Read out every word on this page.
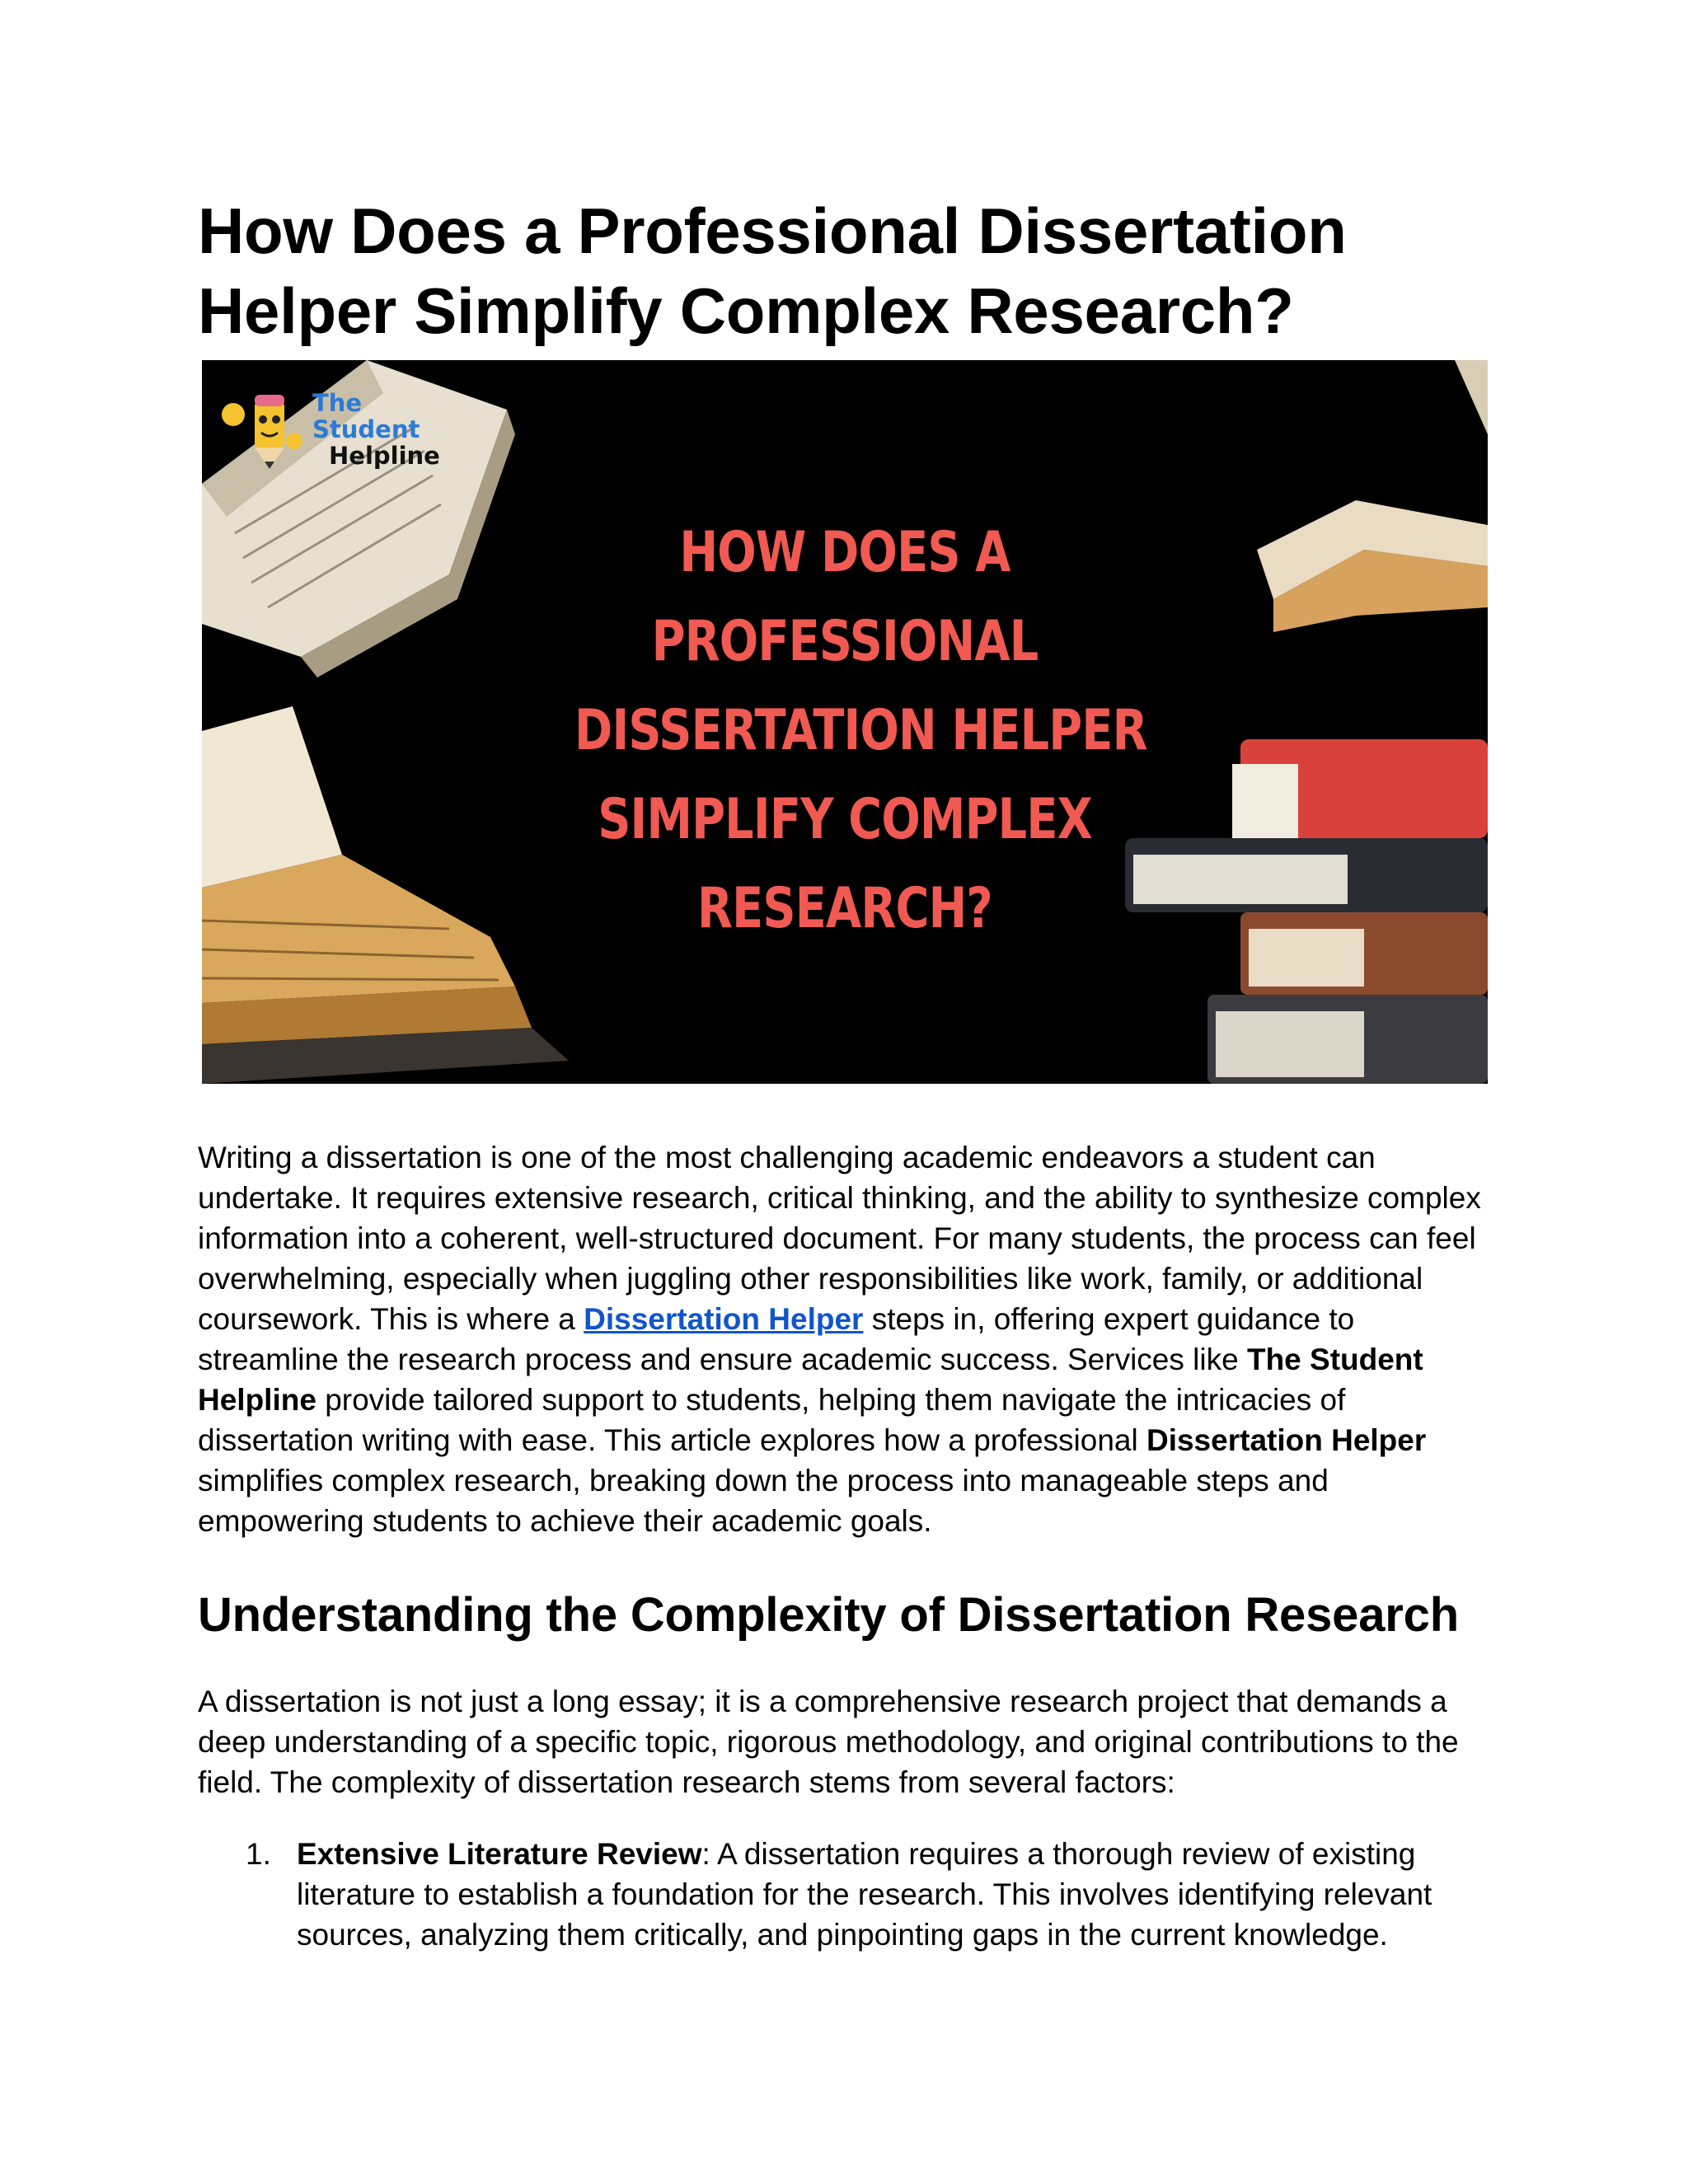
How Does a Professional Dissertation Helper Simplify Complex Research?
The Student
Helpline
HOW DOES A
PROFESSIONAL
DISSERTATION HELPER
SIMPLIFY COMPLEX
RESEARCH?

Writing a dissertation is one of the most challenging academic endeavors a student can undertake. It requires extensive research, critical thinking, and the ability to synthesize complex information into a coherent, well-structured document. For many students, the process can feel overwhelming, especially when juggling other responsibilities like work, family, or additional coursework. This is where a Dissertation Helper steps in, offering expert guidance to streamline the research process and ensure academic success. Services like The Student Helpline provide tailored support to students, helping them navigate the intricacies of dissertation writing with ease. This article explores how a professional Dissertation Helper simplifies complex research, breaking down the process into manageable steps and empowering students to achieve their academic goals.

Understanding the Complexity of Dissertation Research

A dissertation is not just a long essay; it is a comprehensive research project that demands a deep understanding of a specific topic, rigorous methodology, and original contributions to the field. The complexity of dissertation research stems from several factors:

1. Extensive Literature Review: A dissertation requires a thorough review of existing literature to establish a foundation for the research. This involves identifying relevant sources, analyzing them critically, and pinpointing gaps in the current knowledge.
